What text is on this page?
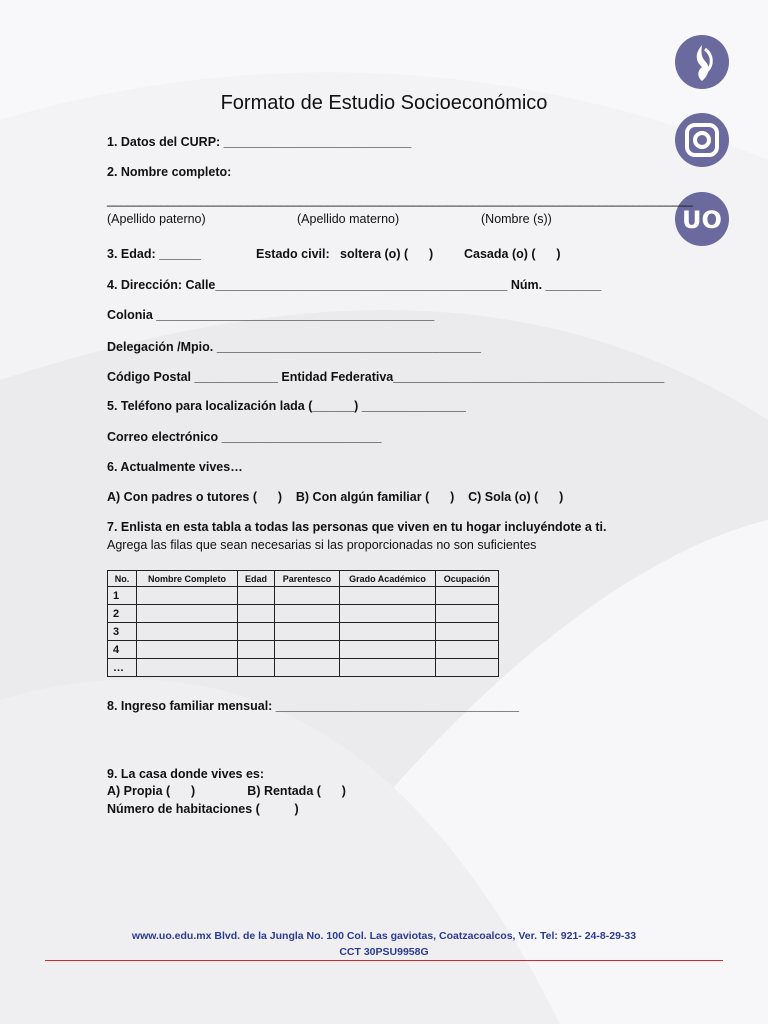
UO
Formato de Estudio Socioeconómico
1. Datos del CURP: ___________________________
2. Nombre completo:
________________________________________________________________________________________
(Apellido paterno)	(Apellido materno)	(Nombre (s))
3. Edad: ______	Estado civil:   soltera (o) (      ) Casada (o) (      )
4. Dirección: Calle__________________________________________ Núm. ________
Colonia ________________________________________
Delegación /Mpio. ______________________________________
Código Postal ____________ Entidad Federativa_______________________________________
5. Teléfono para localización lada (______) _______________
Correo electrónico _______________________
6. Actualmente vives…
A) Con padres o tutores (      )    B) Con algún familiar (      )    C) Sola (o) (      )
7. Enlista en esta tabla a todas las personas que viven en tu hogar incluyéndote a ti.
Agrega las filas que sean necesarias si las proporcionadas no son suficientes
No.	Nombre Completo	Edad	Parentesco	Grado Académico	Ocupación
1					
2					
3					
4					
…					
8. Ingreso familiar mensual: ___________________________________
9. La casa donde vives es:
A) Propia (      )               B) Rentada (      )
Número de habitaciones (          )
www.uo.edu.mx Blvd. de la Jungla No. 100 Col. Las gaviotas, Coatzacoalcos, Ver. Tel: 921- 24-8-29-33
CCT 30PSU9958G
